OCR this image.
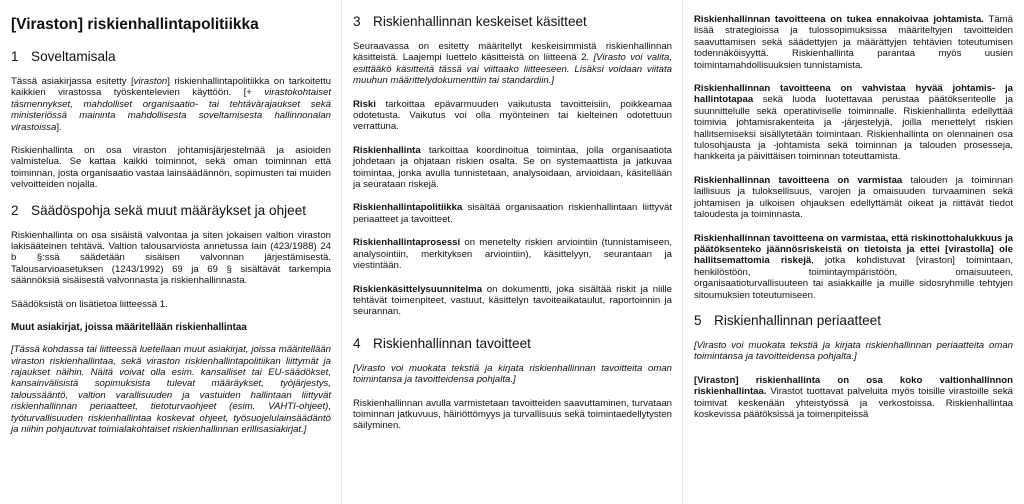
[Viraston] riskienhallintapolitiikka
1 Soveltamisala

Tässä asiakirjassa esitetty [viraston] riskienhallintapolitiikka on tarkoitettu kaikkien virastossa työskentelevien käyttöön. [+ virastokohtaiset täsmennykset, mahdolliset organisaatio- tai tehtävärajaukset sekä ministeriössä maininta mahdollisesta soveltamisesta hallinnonalan virastoissa].

Riskienhallinta on osa viraston johtamisjärjestelmää ja asioiden valmistelua. Se kattaa kaikki toiminnot, sekä oman toiminnan että toiminnan, josta organisaatio vastaa lainsäädännön, sopimusten tai muiden velvoitteiden nojalla.

2 Säädöspohja sekä muut määräykset ja ohjeet

Riskienhallinta on osa sisäistä valvontaa ja siten jokaisen valtion viraston lakisääteinen tehtävä. Valtion talousarviosta annetussa lain (423/1988) 24 b §:ssä säädetään sisäisen valvonnan järjestämisestä. Talousarvioasetuksen (1243/1992) 69 ja 69 § sisältävät tarkempia säännöksiä sisäisestä valvonnasta ja riskienhallinnasta.

Säädöksistä on lisätietoa liitteessä 1.

Muut asiakirjat, joissa määritellään riskienhallintaa

[Tässä kohdassa tai liitteessä luetellaan muut asiakirjat, joissa määritellään viraston riskienhallintaa, sekä viraston riskienhallintapolitiikan liittymät ja rajaukset näihin. Näitä voivat olla esim. kansalliset tai EU-säädökset, kansainvälisistä sopimuksista tulevat määräykset, työjärjestys, taloussääntö, valtion varallisuuden ja vastuiden hallintaan liittyvät riskienhallinnan periaatteet, tietoturvaohjeet (esim. VAHTI-ohjeet), työturvallisuuden riskienhallintaa koskevat ohjeet, työsuojelulainsäädäntö ja niihin pohjautuvat toimialakohtaiset riskienhallinnan erillisasiakirjat.]

3 Riskienhallinnan keskeiset käsitteet

Seuraavassa on esitetty määritellyt keskeisimmistä riskienhallinnan käsitteistä. Laajempi luettelo käsitteistä on liitteenä 2. [Virasto voi valita, esittääkö käsitteitä tässä vai viittaako liitteeseen. Lisäksi voidaan viitata muuhun määrittelydokumenttiin tai standardiin.]

Riski tarkoittaa epävarmuuden vaikutusta tavoitteisiin, poikkeamaa odotetusta. Vaikutus voi olla myönteinen tai kielteinen odotettuun verrattuna.

Riskienhallinta tarkoittaa koordinoitua toimintaa, jolla organisaatiota johdetaan ja ohjataan riskien osalta. Se on systemaattista ja jatkuvaa toimintaa, jonka avulla tunnistetaan, analysoidaan, arvioidaan, käsitellään ja seurataan riskejä.

Riskienhallintapolitiikka sisältää organisaation riskienhallintaan liittyvät periaatteet ja tavoitteet.

Riskienhallintaprosessi on menetelty riskien arviointiin (tunnistamiseen, analysointiin, merkityksen arviointiin), käsittelyyn, seurantaan ja viestintään.

Riskienkäsittelysuunnitelma on dokumentti, joka sisältää riskit ja niille tehtävät toimenpiteet, vastuut, käsittelyn tavoiteaikataulut, raportoinnin ja seurannan.

4 Riskienhallinnan tavoitteet

[Virasto voi muokata tekstiä ja kirjata riskienhallinnan tavoitteita oman toimintansa ja tavoitteidensa pohjalta.]

Riskienhallinnan avulla varmistetaan tavoitteiden saavuttaminen, turvataan toiminnan jatkuvuus, häiriöttömyys ja turvallisuus sekä toimintaedellytysten säilyminen.

Riskienhallinnan tavoitteena on tukea ennakoivaa johtamista. Tämä lisää strategioissa ja tulossopimuksissa määriteltyjen tavoitteiden saavuttamisen sekä säädettyjen ja määrättyjen tehtävien toteutumisen todennäköisyyttä. Riskienhallinta parantaa myös uusien toimintamahdollisuuksien tunnistamista.

Riskienhallinnan tavoitteena on vahvistaa hyvää johtamis- ja hallintotapaa sekä luoda luotettavaa perustaa päätöksenteolle ja suunnittelulle sekä operatiiviselle toiminnalle. Riskienhallinta edellyttää toimivia johtamisrakenteita ja -järjestelyjä, joilla menettelyt riskien hallitsemiseksi sisällytetään toimintaan. Riskienhallinta on olennainen osa tulosohjausta ja -johtamista sekä toiminnan ja talouden prosesseja, hankkeita ja päivittäisen toiminnan toteuttamista.

Riskienhallinnan tavoitteena on varmistaa talouden ja toiminnan laillisuus ja tuloksellisuus, varojen ja omaisuuden turvaaminen sekä johtamisen ja ulkoisen ohjauksen edellyttämät oikeat ja riittävät tiedot taloudesta ja toiminnasta.

Riskienhallinnan tavoitteena on varmistaa, että riskinottohalukkuus ja päätöksenteko jäännösriskeistä on tietoista ja ettei [virastolla] ole hallitsemattomia riskejä, jotka kohdistuvat [viraston] toimintaan, henkilöstöön, toimintaympäristöön, omaisuuteen, organisaatioturvallisuuteen tai asiakkaille ja muille sidosryhmille tehtyjen sitoumuksien toteutumiseen.

5 Riskienhallinnan periaatteet

[Virasto voi muokata tekstiä ja kirjata riskienhallinnan periaatteita oman toimintansa ja tavoitteidensa pohjalta.]

[Viraston] riskienhallinta on osa koko valtionhallinnon riskienhallintaa. Virastot tuottavat palveluita myös toisille virastoille sekä toimivat keskenään yhteistyössä ja verkostoissa. Riskienhallintaa koskevissa päätöksissä ja toimenpiteissä
